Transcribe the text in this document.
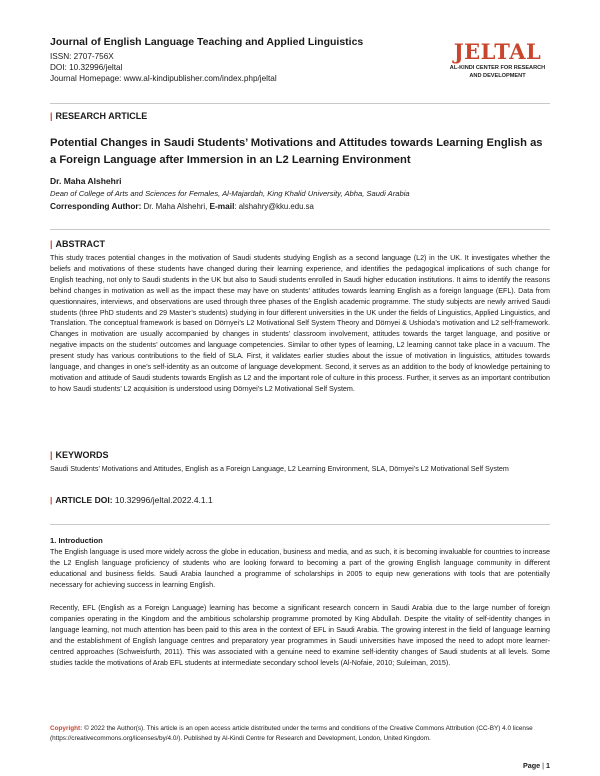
Journal of English Language Teaching and Applied Linguistics
ISSN: 2707-756X
DOI: 10.32996/jeltal
Journal Homepage: www.al-kindipublisher.com/index.php/jeltal
JELTAL
AL-KINDI CENTER FOR RESEARCH
AND DEVELOPMENT
| RESEARCH ARTICLE
Potential Changes in Saudi Students’ Motivations and Attitudes towards Learning English as a Foreign Language after Immersion in an L2 Learning Environment
Dr. Maha Alshehri
Dean of College of Arts and Sciences for Females, Al-Majardah, King Khalid University, Abha, Saudi Arabia
Corresponding Author: Dr. Maha Alshehri, E-mail: alshahry@kku.edu.sa
| ABSTRACT

This study traces potential changes in the motivation of Saudi students studying English as a second language (L2) in the UK. It investigates whether the beliefs and motivations of these students have changed during their learning experience, and identifies the pedagogical implications of such change for English teaching, not only to Saudi students in the UK but also to Saudi students enrolled in Saudi higher education institutions. It aims to identify the reasons behind changes in motivation as well as the impact these may have on students’ attitudes towards learning English as a foreign language (EFL). Data from questionnaires, interviews, and observations are used through three phases of the English academic programme. The study subjects are newly arrived Saudi students (three PhD students and 29 Master’s students) studying in four different universities in the UK under the fields of Linguistics, Applied Linguistics, and Translation. The conceptual framework is based on Dörnyei’s L2 Motivational Self System Theory and Dörnyei & Ushioda’s motivation and L2 self-framework. Changes in motivation are usually accompanied by changes in students’ classroom involvement, attitudes towards the target language, and positive or negative impacts on the students’ outcomes and language competencies. Similar to other types of learning, L2 learning cannot take place in a vacuum. The present study has various contributions to the field of SLA. First, it validates earlier studies about the issue of motivation in linguistics, attitudes towards language, and changes in one’s self-identity as an outcome of language development. Second, it serves as an addition to the body of knowledge pertaining to motivation and attitude of Saudi students towards English as L2 and the important role of culture in this process. Further, it serves as an important contribution to how Saudi students’ L2 acquisition is understood using Dörnyei’s L2 Motivational Self System.

| KEYWORDS

Saudi Students’ Motivations and Attitudes, English as a Foreign Language, L2 Learning Environment, SLA, Dörnyei’s L2 Motivational Self System

| ARTICLE DOI: 10.32996/jeltal.2022.4.1.1
1. Introduction

The English language is used more widely across the globe in education, business and media, and as such, it is becoming invaluable for countries to increase the L2 English language proficiency of students who are looking forward to becoming a part of the growing English language community in different educational and business fields. Saudi Arabia launched a programme of scholarships in 2005 to equip new generations with tools that are potentially necessary for achieving success in learning English.

Recently, EFL (English as a Foreign Language) learning has become a significant research concern in Saudi Arabia due to the large number of foreign companies operating in the Kingdom and the ambitious scholarship programme promoted by King Abdullah. Despite the vitality of self-identity changes in language learning, not much attention has been paid to this area in the context of EFL in Saudi Arabia. The growing interest in the field of language learning and the establishment of English language centres and preparatory year programmes in Saudi universities have imposed the need to adopt more learner-centred approaches (Schweisfurth, 2011). This was associated with a genuine need to examine self-identity changes of Saudi students at all levels. Some studies tackle the motivations of Arab EFL students at intermediate secondary school levels (Al-Nofaie, 2010; Suleiman, 2015).

Copyright: © 2022 the Author(s). This article is an open access article distributed under the terms and conditions of the Creative Commons Attribution (CC-BY) 4.0 license (https://creativecommons.org/licenses/by/4.0/). Published by Al-Kindi Centre for Research and Development, London, United Kingdom.

Page | 1
